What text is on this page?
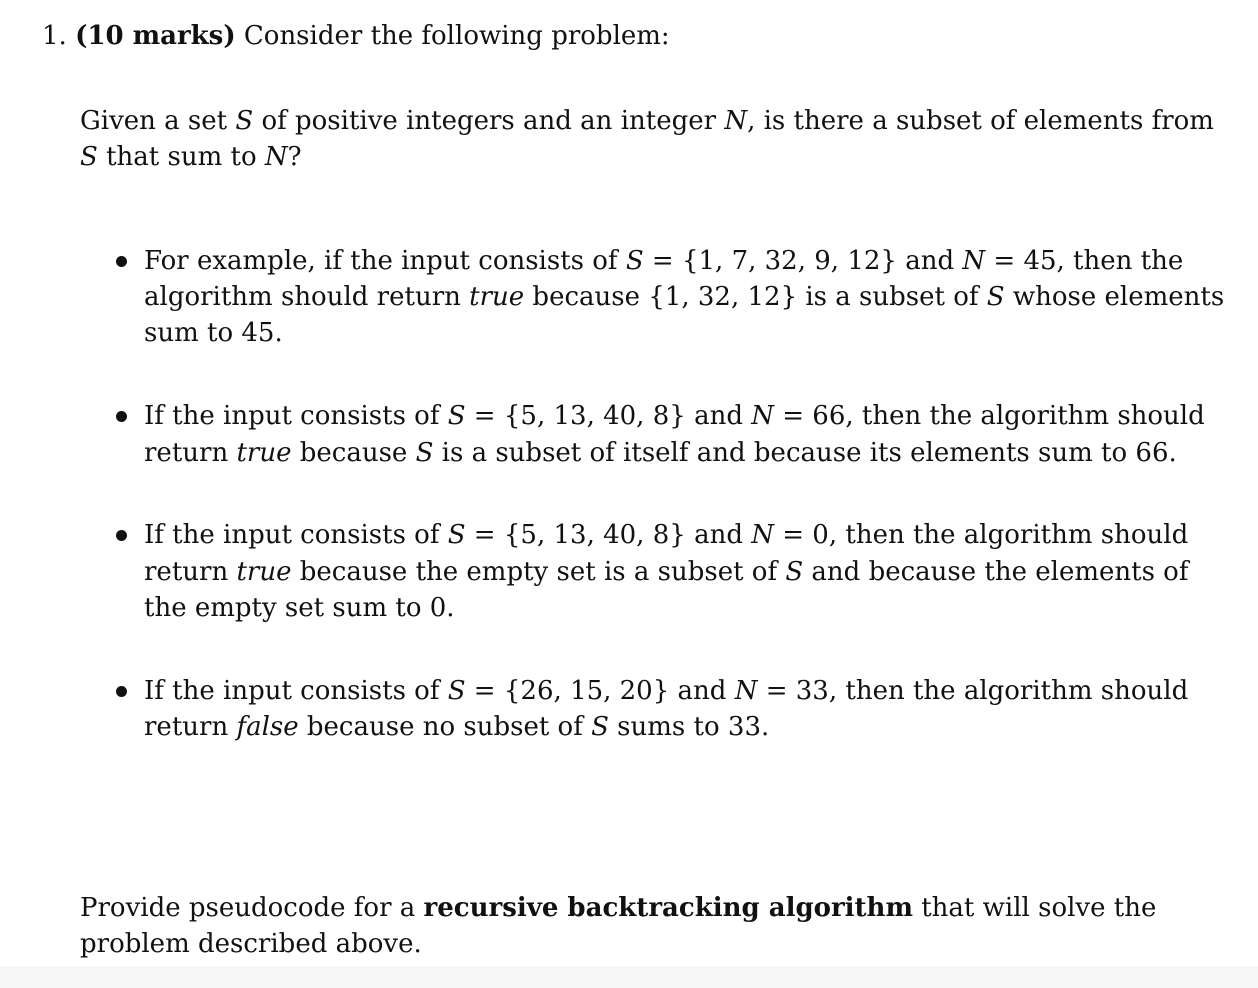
1. (10 marks) Consider the following problem:
Given a set S of positive integers and an integer N, is there a subset of elements from
S that sum to N?
For example, if the input consists of S = {1, 7, 32, 9, 12} and N = 45, then the
algorithm should return true because {1, 32, 12} is a subset of S whose elements
sum to 45.
If the input consists of S = {5, 13, 40, 8} and N = 66, then the algorithm should
return true because S is a subset of itself and because its elements sum to 66.
If the input consists of S = {5, 13, 40, 8} and N = 0, then the algorithm should
return true because the empty set is a subset of S and because the elements of
the empty set sum to 0.
If the input consists of S = {26, 15, 20} and N = 33, then the algorithm should
return false because no subset of S sums to 33.
Provide pseudocode for a recursive backtracking algorithm that will solve the
problem described above.
